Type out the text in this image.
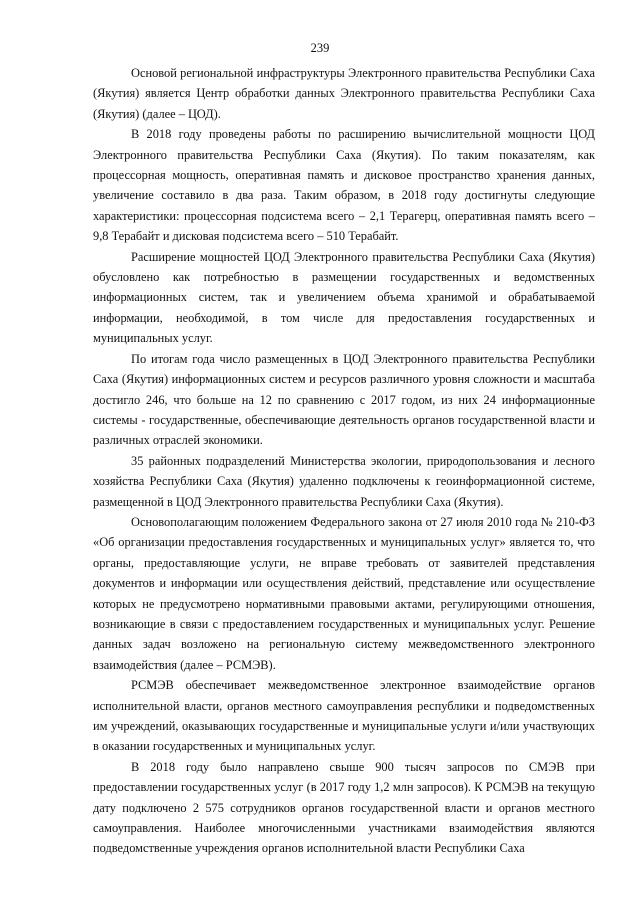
239

Основой региональной инфраструктуры Электронного правительства Республики Саха (Якутия) является Центр обработки данных Электронного правительства Республики Саха (Якутия) (далее – ЦОД).

В 2018 году проведены работы по расширению вычислительной мощности ЦОД Электронного правительства Республики Саха (Якутия). По таким показателям, как процессорная мощность, оперативная память и дисковое пространство хранения данных, увеличение составило в два раза. Таким образом, в 2018 году достигнуты следующие характеристики: процессорная подсистема всего – 2,1 Терагерц, оперативная память всего – 9,8 Терабайт и дисковая подсистема всего – 510 Терабайт.

Расширение мощностей ЦОД Электронного правительства Республики Саха (Якутия) обусловлено как потребностью в размещении государственных и ведомственных информационных систем, так и увеличением объема хранимой и обрабатываемой информации, необходимой, в том числе для предоставления государственных и муниципальных услуг.

По итогам года число размещенных в ЦОД Электронного правительства Республики Саха (Якутия) информационных систем и ресурсов различного уровня сложности и масштаба достигло 246, что больше на 12 по сравнению с 2017 годом, из них 24 информационные системы - государственные, обеспечивающие деятельность органов государственной власти и различных отраслей экономики.

35 районных подразделений Министерства экологии, природопользования и лесного хозяйства Республики Саха (Якутия) удаленно подключены к геоинформационной системе, размещенной в ЦОД Электронного правительства Республики Саха (Якутия).

Основополагающим положением Федерального закона от 27 июля 2010 года № 210-ФЗ «Об организации предоставления государственных и муниципальных услуг» является то, что органы, предоставляющие услуги, не вправе требовать от заявителей представления документов и информации или осуществления действий, представление или осуществление которых не предусмотрено нормативными правовыми актами, регулирующими отношения, возникающие в связи с предоставлением государственных и муниципальных услуг. Решение данных задач возложено на региональную систему межведомственного электронного взаимодействия (далее – РСМЭВ).

РСМЭВ обеспечивает межведомственное электронное взаимодействие органов исполнительной власти, органов местного самоуправления республики и подведомственных им учреждений, оказывающих государственные и муниципальные услуги и/или участвующих в оказании государственных и муниципальных услуг.

В 2018 году было направлено свыше 900 тысяч запросов по СМЭВ при предоставлении государственных услуг (в 2017 году 1,2 млн запросов). К РСМЭВ на текущую дату подключено 2 575 сотрудников органов государственной власти и органов местного самоуправления. Наиболее многочисленными участниками взаимодействия являются подведомственные учреждения органов исполнительной власти Республики Саха
